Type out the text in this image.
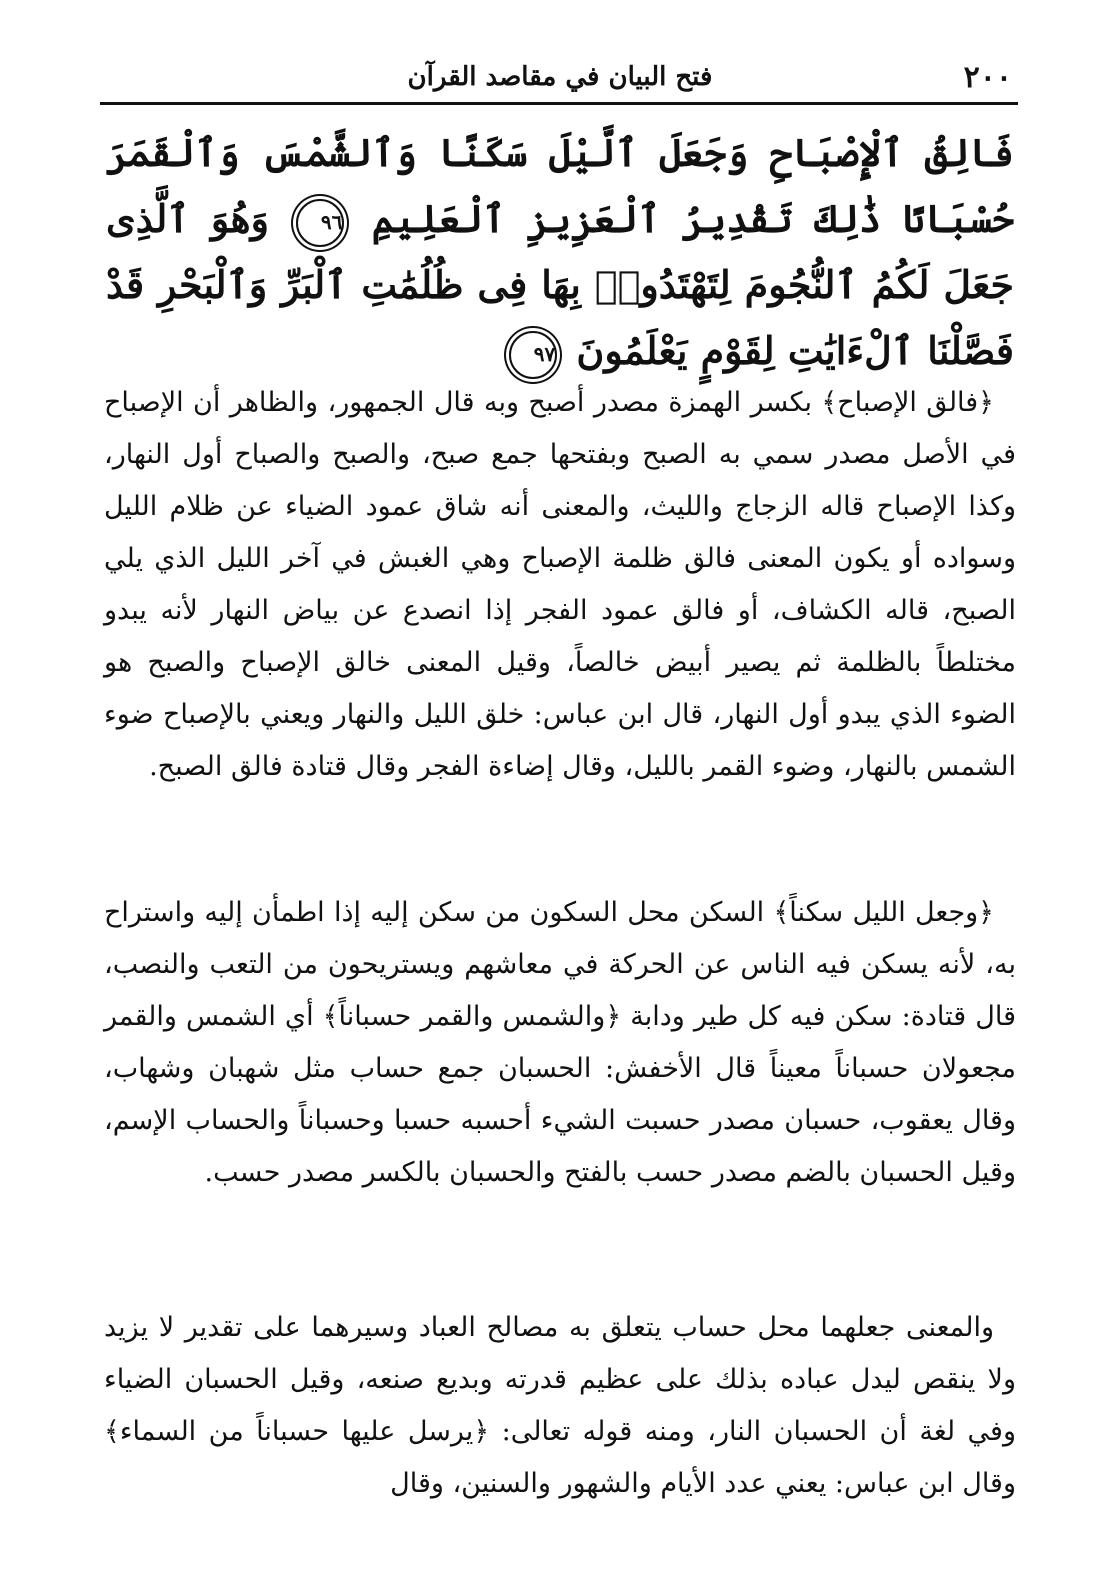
٢٠٠
فتح البيان في مقاصد القرآن
فَالِقُ ٱلْإِصْبَاحِ وَجَعَلَ ٱلَّيْلَ سَكَنًا وَٱلشَّمْسَ وَٱلْقَمَرَ حُسْبَانًا ذَٰلِكَ تَقْدِيرُ ٱلْعَزِيزِ ٱلْعَلِيمِ ٩٦ وَهُوَ ٱلَّذِى جَعَلَ لَكُمُ ٱلنُّجُومَ لِتَهْتَدُوا۟ بِهَا فِى ظُلُمَٰتِ ٱلْبَرِّ وَٱلْبَحْرِ قَدْ فَصَّلْنَا ٱلْءَايَٰتِ لِقَوْمٍ يَعْلَمُونَ ٩٧
﴿فالق الإصباح﴾ بكسر الهمزة مصدر أصبح وبه قال الجمهور، والظاهر أن الإصباح في الأصل مصدر سمي به الصبح وبفتحها جمع صبح، والصبح والصباح أول النهار، وكذا الإصباح قاله الزجاج والليث، والمعنى أنه شاق عمود الضياء عن ظلام الليل وسواده أو يكون المعنى فالق ظلمة الإصباح وهي الغبش في آخر الليل الذي يلي الصبح، قاله الكشاف، أو فالق عمود الفجر إذا انصدع عن بياض النهار لأنه يبدو مختلطاً بالظلمة ثم يصير أبيض خالصاً، وقيل المعنى خالق الإصباح والصبح هو الضوء الذي يبدو أول النهار، قال ابن عباس: خلق الليل والنهار ويعني بالإصباح ضوء الشمس بالنهار، وضوء القمر بالليل، وقال إضاءة الفجر وقال قتادة فالق الصبح.
﴿وجعل الليل سكناً﴾ السكن محل السكون من سكن إليه إذا اطمأن إليه واستراح به، لأنه يسكن فيه الناس عن الحركة في معاشهم ويستريحون من التعب والنصب، قال قتادة: سكن فيه كل طير ودابة ﴿والشمس والقمر حسباناً﴾ أي الشمس والقمر مجعولان حسباناً معيناً قال الأخفش: الحسبان جمع حساب مثل شهبان وشهاب، وقال يعقوب، حسبان مصدر حسبت الشيء أحسبه حسبا وحسباناً والحساب الإسم، وقيل الحسبان بالضم مصدر حسب بالفتح والحسبان بالكسر مصدر حسب.
والمعنى جعلهما محل حساب يتعلق به مصالح العباد وسيرهما على تقدير لا يزيد ولا ينقص ليدل عباده بذلك على عظيم قدرته وبديع صنعه، وقيل الحسبان الضياء وفي لغة أن الحسبان النار، ومنه قوله تعالى: ﴿يرسل عليها حسباناً من السماء﴾ وقال ابن عباس: يعني عدد الأيام والشهور والسنين، وقال
